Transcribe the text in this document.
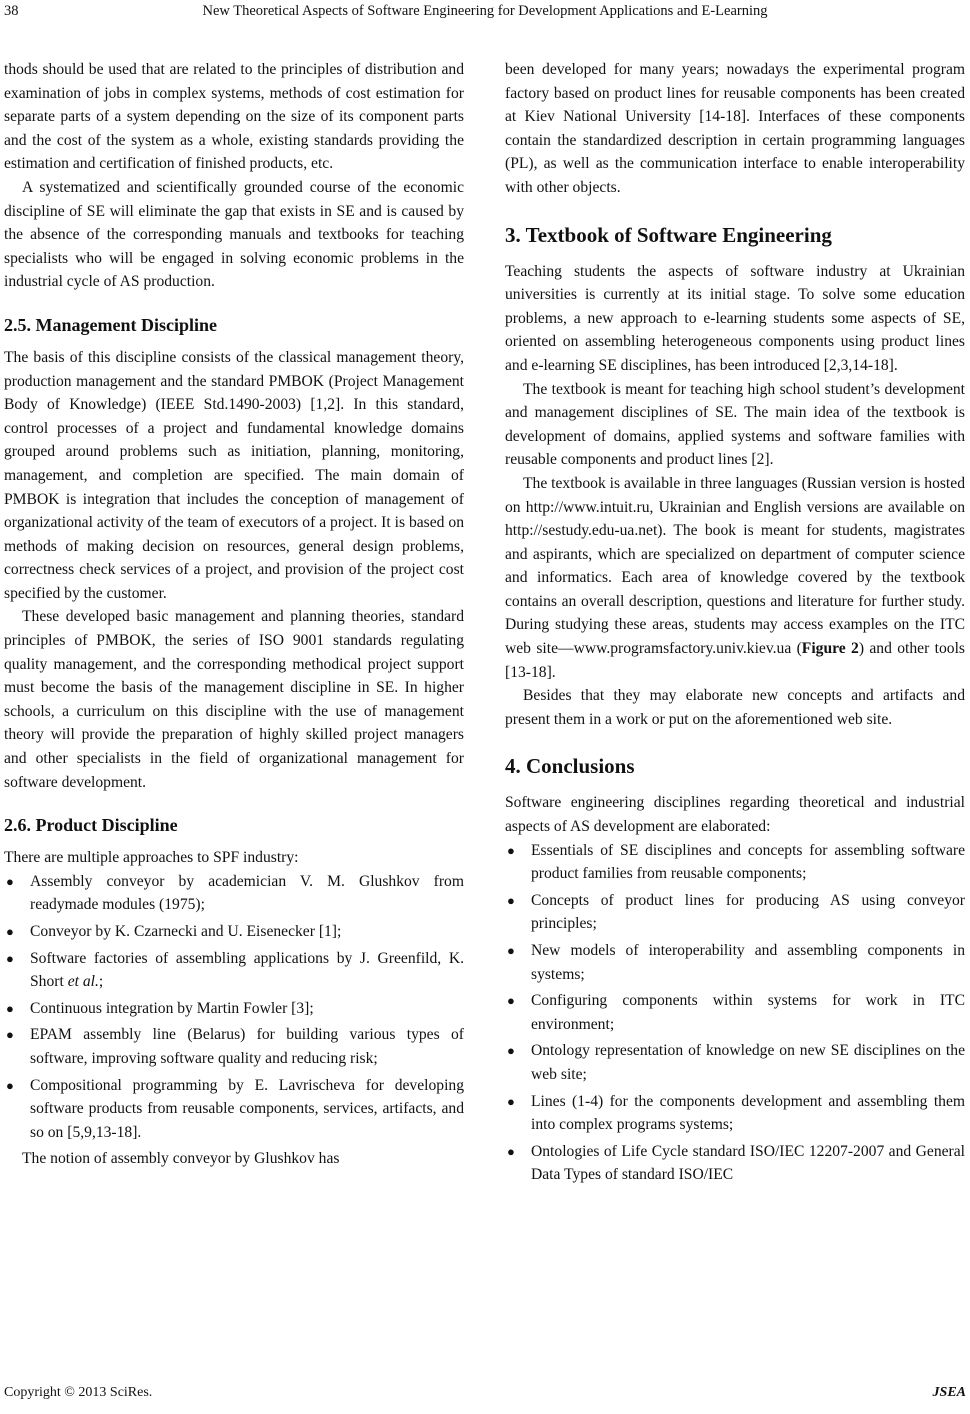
38	New Theoretical Aspects of Software Engineering for Development Applications and E-Learning

thods should be used that are related to the principles of distribution and examination of jobs in complex systems, methods of cost estimation for separate parts of a system depending on the size of its component parts and the cost of the system as a whole, existing standards providing the estimation and certification of finished products, etc.

A systematized and scientifically grounded course of the economic discipline of SE will eliminate the gap that exists in SE and is caused by the absence of the corresponding manuals and textbooks for teaching specialists who will be engaged in solving economic problems in the industrial cycle of AS production.

2.5. Management Discipline

The basis of this discipline consists of the classical management theory, production management and the standard PMBOK (Project Management Body of Knowledge) (IEEE Std.1490-2003) [1,2]. In this standard, control processes of a project and fundamental knowledge domains grouped around problems such as initiation, planning, monitoring, management, and completion are specified. The main domain of PMBOK is integration that includes the conception of management of organizational activity of the team of executors of a project. It is based on methods of making decision on resources, general design problems, correctness check services of a project, and provision of the project cost specified by the customer.

These developed basic management and planning theories, standard principles of PMBOK, the series of ISO 9001 standards regulating quality management, and the corresponding methodical project support must become the basis of the management discipline in SE. In higher schools, a curriculum on this discipline with the use of management theory will provide the preparation of highly skilled project managers and other specialists in the field of organizational management for software development.

2.6. Product Discipline

There are multiple approaches to SPF industry:

● Assembly conveyor by academician V. M. Glushkov from readymade modules (1975);
● Conveyor by K. Czarnecki and U. Eisenecker [1];
● Software factories of assembling applications by J. Greenfild, K. Short et al.;
● Continuous integration by Martin Fowler [3];
● EPAM assembly line (Belarus) for building various types of software, improving software quality and reducing risk;
● Compositional programming by E. Lavrischeva for developing software products from reusable components, services, artifacts, and so on [5,9,13-18].

The notion of assembly conveyor by Glushkov has

been developed for many years; nowadays the experimental program factory based on product lines for reusable components has been created at Kiev National University [14-18]. Interfaces of these components contain the standardized description in certain programming languages (PL), as well as the communication interface to enable interoperability with other objects.

3. Textbook of Software Engineering

Teaching students the aspects of software industry at Ukrainian universities is currently at its initial stage. To solve some education problems, a new approach to e-learning students some aspects of SE, oriented on assembling heterogeneous components using product lines and e-learning SE disciplines, has been introduced [2,3,14-18].

The textbook is meant for teaching high school student’s development and management disciplines of SE. The main idea of the textbook is development of domains, applied systems and software families with reusable components and product lines [2].

The textbook is available in three languages (Russian version is hosted on http://www.intuit.ru, Ukrainian and English versions are available on http://sestudy.edu-ua.net). The book is meant for students, magistrates and aspirants, which are specialized on department of computer science and informatics. Each area of knowledge covered by the textbook contains an overall description, questions and literature for further study. During studying these areas, students may access examples on the ITC web site—www.programsfactory.univ.kiev.ua (Figure 2) and other tools [13-18].

Besides that they may elaborate new concepts and artifacts and present them in a work or put on the aforementioned web site.

4. Conclusions

Software engineering disciplines regarding theoretical and industrial aspects of AS development are elaborated:

● Essentials of SE disciplines and concepts for assembling software product families from reusable components;
● Concepts of product lines for producing AS using conveyor principles;
● New models of interoperability and assembling components in systems;
● Configuring components within systems for work in ITC environment;
● Ontology representation of knowledge on new SE disciplines on the web site;
● Lines (1-4) for the components development and assembling them into complex programs systems;
● Ontologies of Life Cycle standard ISO/IEC 12207-2007 and General Data Types of standard ISO/IEC
Copyright © 2013 SciRes.	JSEA
